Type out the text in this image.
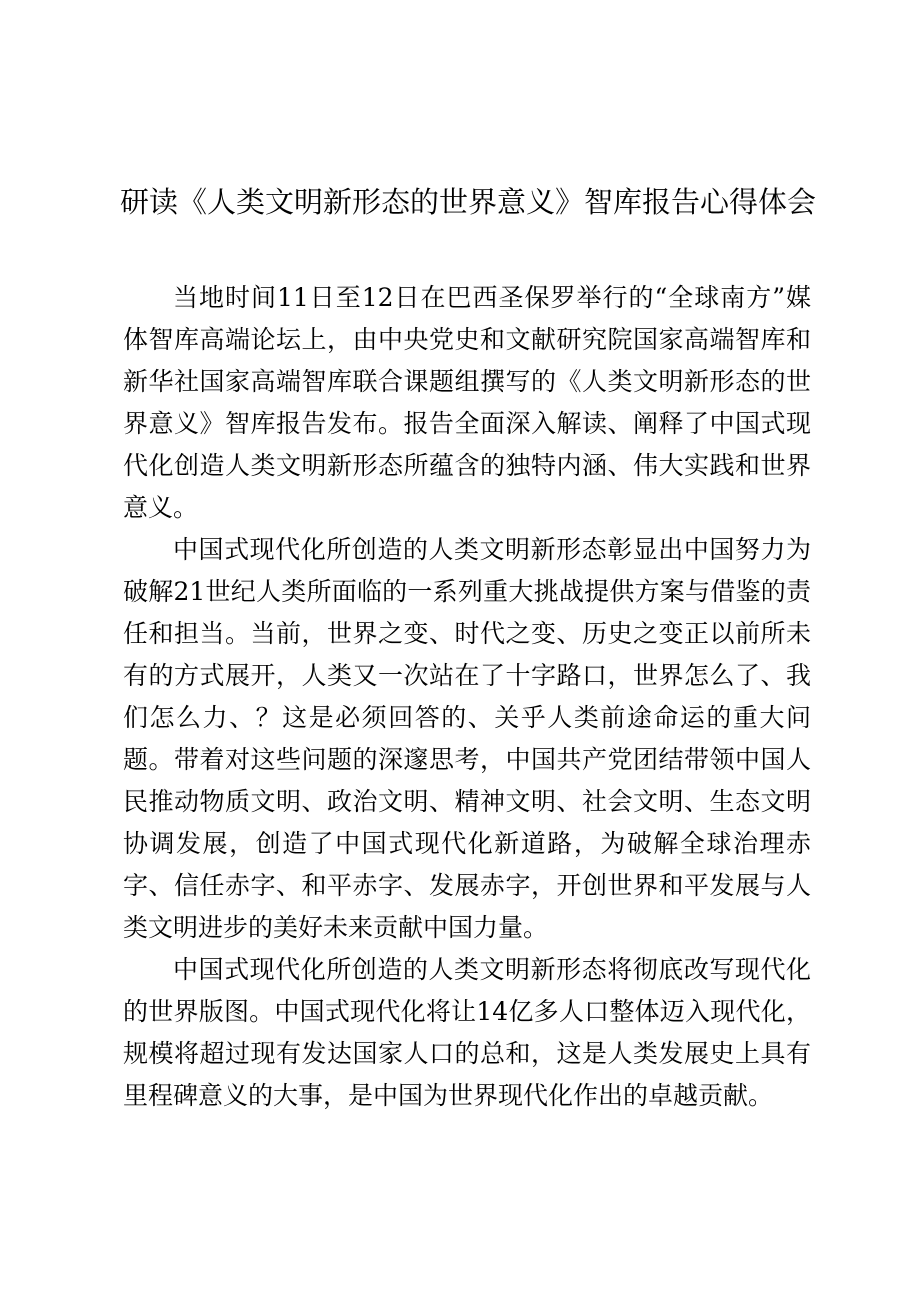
研读《人类文明新形态的世界意义》智库报告心得体会

当地时间11日至12日在巴西圣保罗举行的“全球南方”媒体智库高端论坛上，由中央党史和文献研究院国家高端智库和新华社国家高端智库联合课题组撰写的《人类文明新形态的世界意义》智库报告发布。报告全面深入解读、阐释了中国式现代化创造人类文明新形态所蕴含的独特内涵、伟大实践和世界意义。

中国式现代化所创造的人类文明新形态彰显出中国努力为破解21世纪人类所面临的一系列重大挑战提供方案与借鉴的责任和担当。当前，世界之变、时代之变、历史之变正以前所未有的方式展开，人类又一次站在了十字路口，世界怎么了、我们怎么力、？这是必须回答的、关乎人类前途命运的重大问题。带着对这些问题的深邃思考，中国共产党团结带领中国人民推动物质文明、政治文明、精神文明、社会文明、生态文明协调发展，创造了中国式现代化新道路，为破解全球治理赤字、信任赤字、和平赤字、发展赤字，开创世界和平发展与人类文明进步的美好未来贡献中国力量。

中国式现代化所创造的人类文明新形态将彻底改写现代化的世界版图。中国式现代化将让14亿多人口整体迈入现代化，规模将超过现有发达国家人口的总和，这是人类发展史上具有里程碑意义的大事，是中国为世界现代化作出的卓越贡献。
